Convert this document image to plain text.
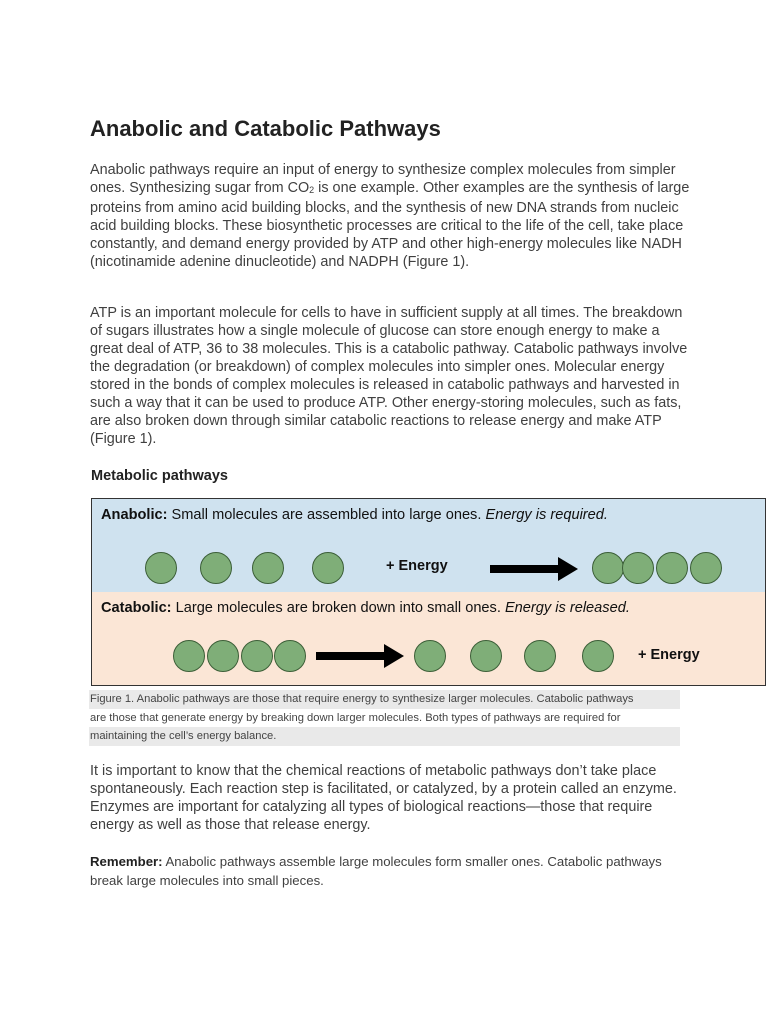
Anabolic and Catabolic Pathways

Anabolic pathways require an input of energy to synthesize complex molecules from simpler ones. Synthesizing sugar from $CO_2$ is one example. Other examples are the synthesis of large proteins from amino acid building blocks, and the synthesis of new DNA strands from nucleic acid building blocks. These biosynthetic processes are critical to the life of the cell, take place constantly, and demand energy provided by ATP and other high-energy molecules like NADH (nicotinamide adenine dinucleotide) and NADPH (Figure 1).

ATP is an important molecule for cells to have in sufficient supply at all times. The breakdown of sugars illustrates how a single molecule of glucose can store enough energy to make a great deal of ATP, 36 to 38 molecules. This is a catabolic pathway. Catabolic pathways involve the degradation (or breakdown) of complex molecules into simpler ones. Molecular energy stored in the bonds of complex molecules is released in catabolic pathways and harvested in such a way that it can be used to produce ATP. Other energy-storing molecules, such as fats, are also broken down through similar catabolic reactions to release energy and make ATP (Figure 1).

Metabolic pathways
Anabolic: Small molecules are assembled into large ones. Energy is required.
+ Energy
Catabolic: Large molecules are broken down into small ones. Energy is released.
+ Energy

Figure 1. Anabolic pathways are those that require energy to synthesize larger molecules. Catabolic pathways
are those that generate energy by breaking down larger molecules. Both types of pathways are required for
maintaining the cell’s energy balance.

It is important to know that the chemical reactions of metabolic pathways don’t take place spontaneously. Each reaction step is facilitated, or catalyzed, by a protein called an enzyme. Enzymes are important for catalyzing all types of biological reactions—those that require energy as well as those that release energy.

Remember: Anabolic pathways assemble large molecules form smaller ones. Catabolic pathways break large molecules into small pieces.
